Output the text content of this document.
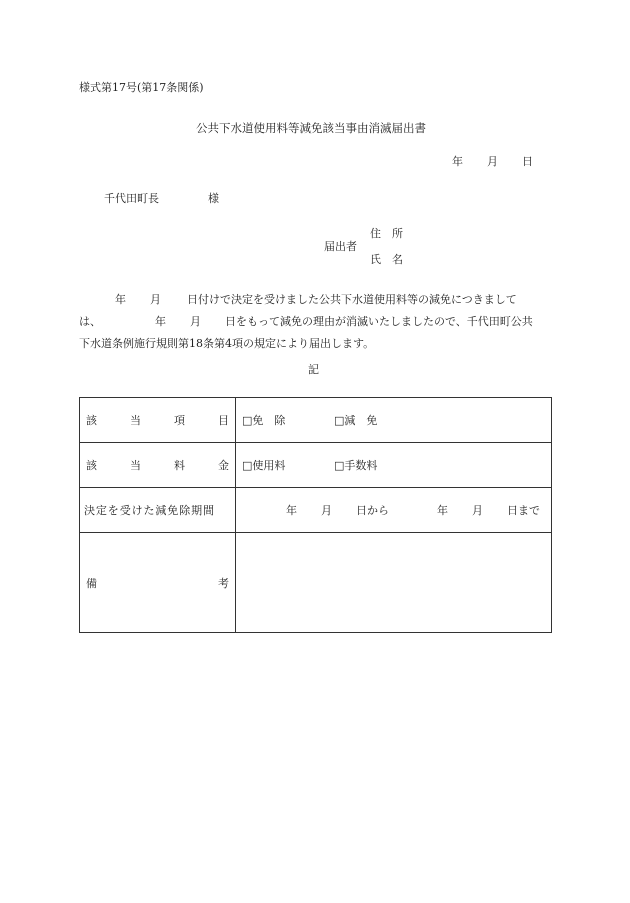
様式第17号(第17条関係)
公共下水道使用料等減免該当事由消滅届出書
年 月 日
千代田町長	様
住　所
届出者
氏　名
年 月 日付けで決定を受けました公共下水道使用料等の減免につきまして
は、	年 月 日をもって減免の理由が消滅いたしましたので、千代田町公共
下水道条例施行規則第18条第4項の規定により届出します。
記
該 当 項 目	□免　除 □減　免

該 当 料 金	□使用料 □手数料
決定を受けた減免除期間	年 月 日から 年 月 日まで

備 考	
